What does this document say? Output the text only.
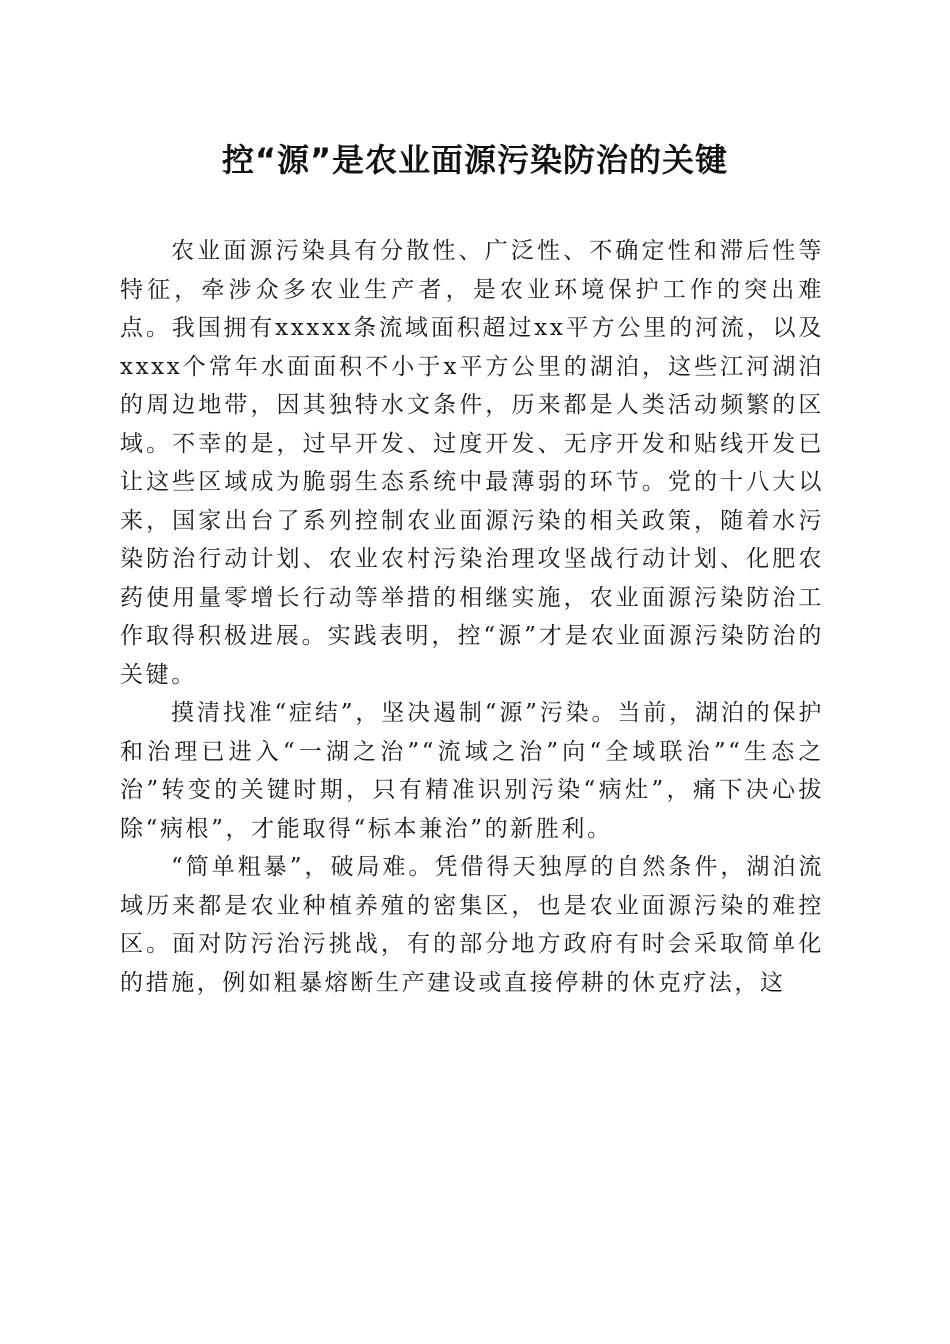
控“源”是农业面源污染防治的关键

农业面源污染具有分散性、广泛性、不确定性和滞后性等特征，牵涉众多农业生产者，是农业环境保护工作的突出难点。我国拥有xxxxx条流域面积超过xx平方公里的河流，以及xxxx个常年水面面积不小于x平方公里的湖泊，这些江河湖泊的周边地带，因其独特水文条件，历来都是人类活动频繁的区域。不幸的是，过早开发、过度开发、无序开发和贴线开发已让这些区域成为脆弱生态系统中最薄弱的环节。党的十八大以来，国家出台了系列控制农业面源污染的相关政策，随着水污染防治行动计划、农业农村污染治理攻坚战行动计划、化肥农药使用量零增长行动等举措的相继实施，农业面源污染防治工作取得积极进展。实践表明，控“源”才是农业面源污染防治的关键。

摸清找准“症结”，坚决遏制“源”污染。当前，湖泊的保护和治理已进入“一湖之治”“流域之治”向“全域联治”“生态之治”转变的关键时期，只有精准识别污染“病灶”，痛下决心拔除“病根”，才能取得“标本兼治”的新胜利。

“简单粗暴”，破局难。凭借得天独厚的自然条件，湖泊流域历来都是农业种植养殖的密集区，也是农业面源污染的难控区。面对防污治污挑战，有的部分地方政府有时会采取简单化的措施，例如粗暴熔断生产建设或直接停耕的休克疗法，这
